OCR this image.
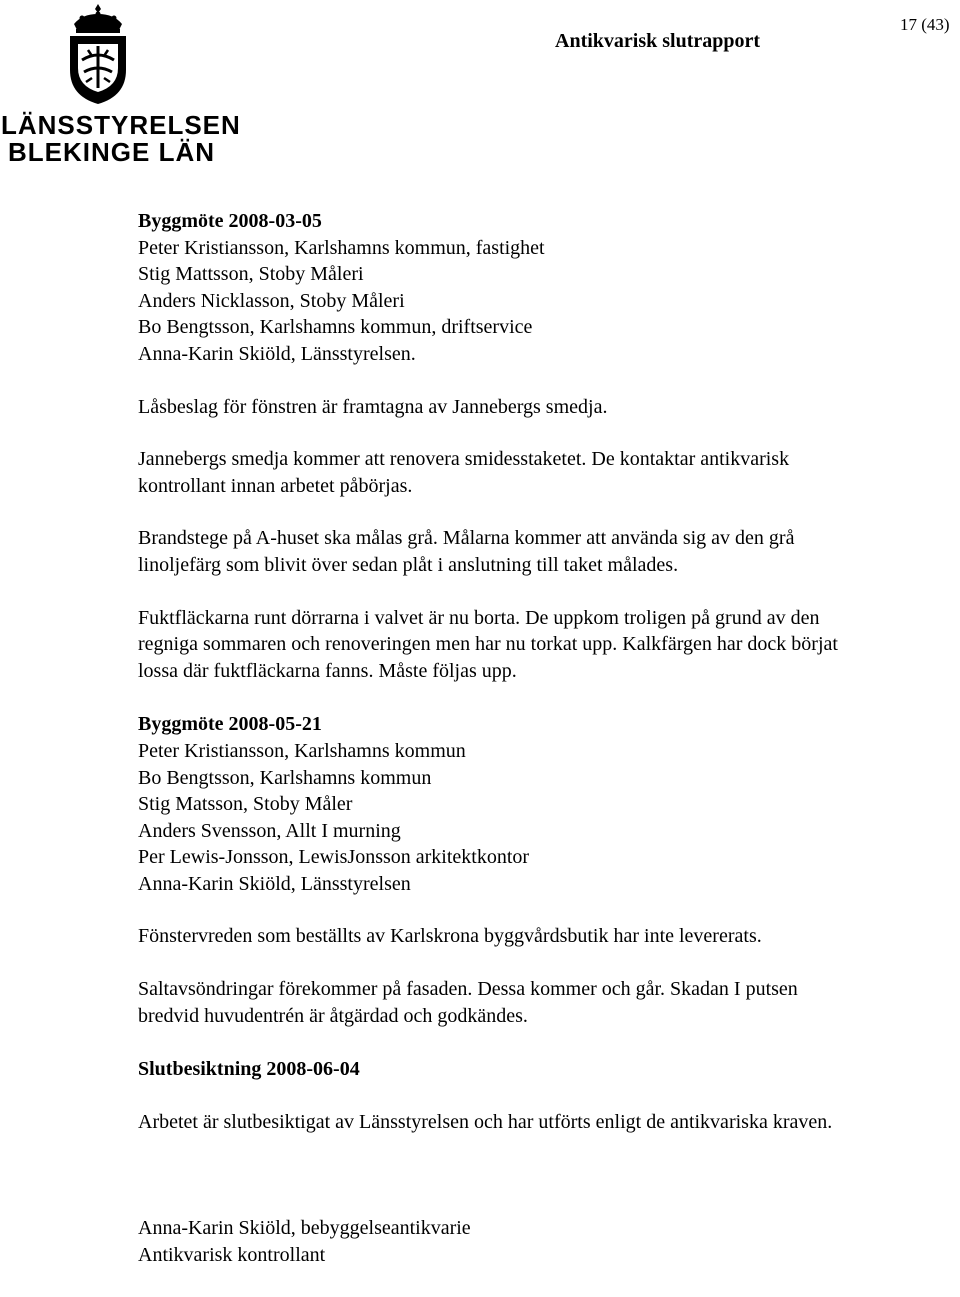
LÄNSSTYRELSEN
BLEKINGE LÄN
Antikvarisk slutrapport
17 (43)
Byggmöte 2008-03-05
Peter Kristiansson, Karlshamns kommun, fastighet
Stig Mattsson, Stoby Måleri
Anders Nicklasson, Stoby Måleri
Bo Bengtsson, Karlshamns kommun, driftservice
Anna-Karin Skiöld, Länsstyrelsen.
Låsbeslag för fönstren är framtagna av Jannebergs smedja.
Jannebergs smedja kommer att renovera smidesstaketet. De kontaktar antikvarisk
kontrollant innan arbetet påbörjas.
Brandstege på A-huset ska målas grå. Målarna kommer att använda sig av den grå
linoljefärg som blivit över sedan plåt i anslutning till taket målades.
Fuktfläckarna runt dörrarna i valvet är nu borta. De uppkom troligen på grund av den
regniga sommaren och renoveringen men har nu torkat upp. Kalkfärgen har dock börjat
lossa där fuktfläckarna fanns. Måste följas upp.
Byggmöte 2008-05-21
Peter Kristiansson, Karlshamns kommun
Bo Bengtsson, Karlshamns kommun
Stig Matsson, Stoby Måler
Anders Svensson, Allt I murning
Per Lewis-Jonsson, LewisJonsson arkitektkontor
Anna-Karin Skiöld, Länsstyrelsen
Fönstervreden som beställts av Karlskrona byggvårdsbutik har inte levererats.
Saltavsöndringar förekommer på fasaden. Dessa kommer och går. Skadan I putsen
bredvid huvudentrén är åtgärdad och godkändes.
Slutbesiktning 2008-06-04
Arbetet är slutbesiktigat av Länsstyrelsen och har utförts enligt de antikvariska kraven.
Anna-Karin Skiöld, bebyggelseantikvarie
Antikvarisk kontrollant
